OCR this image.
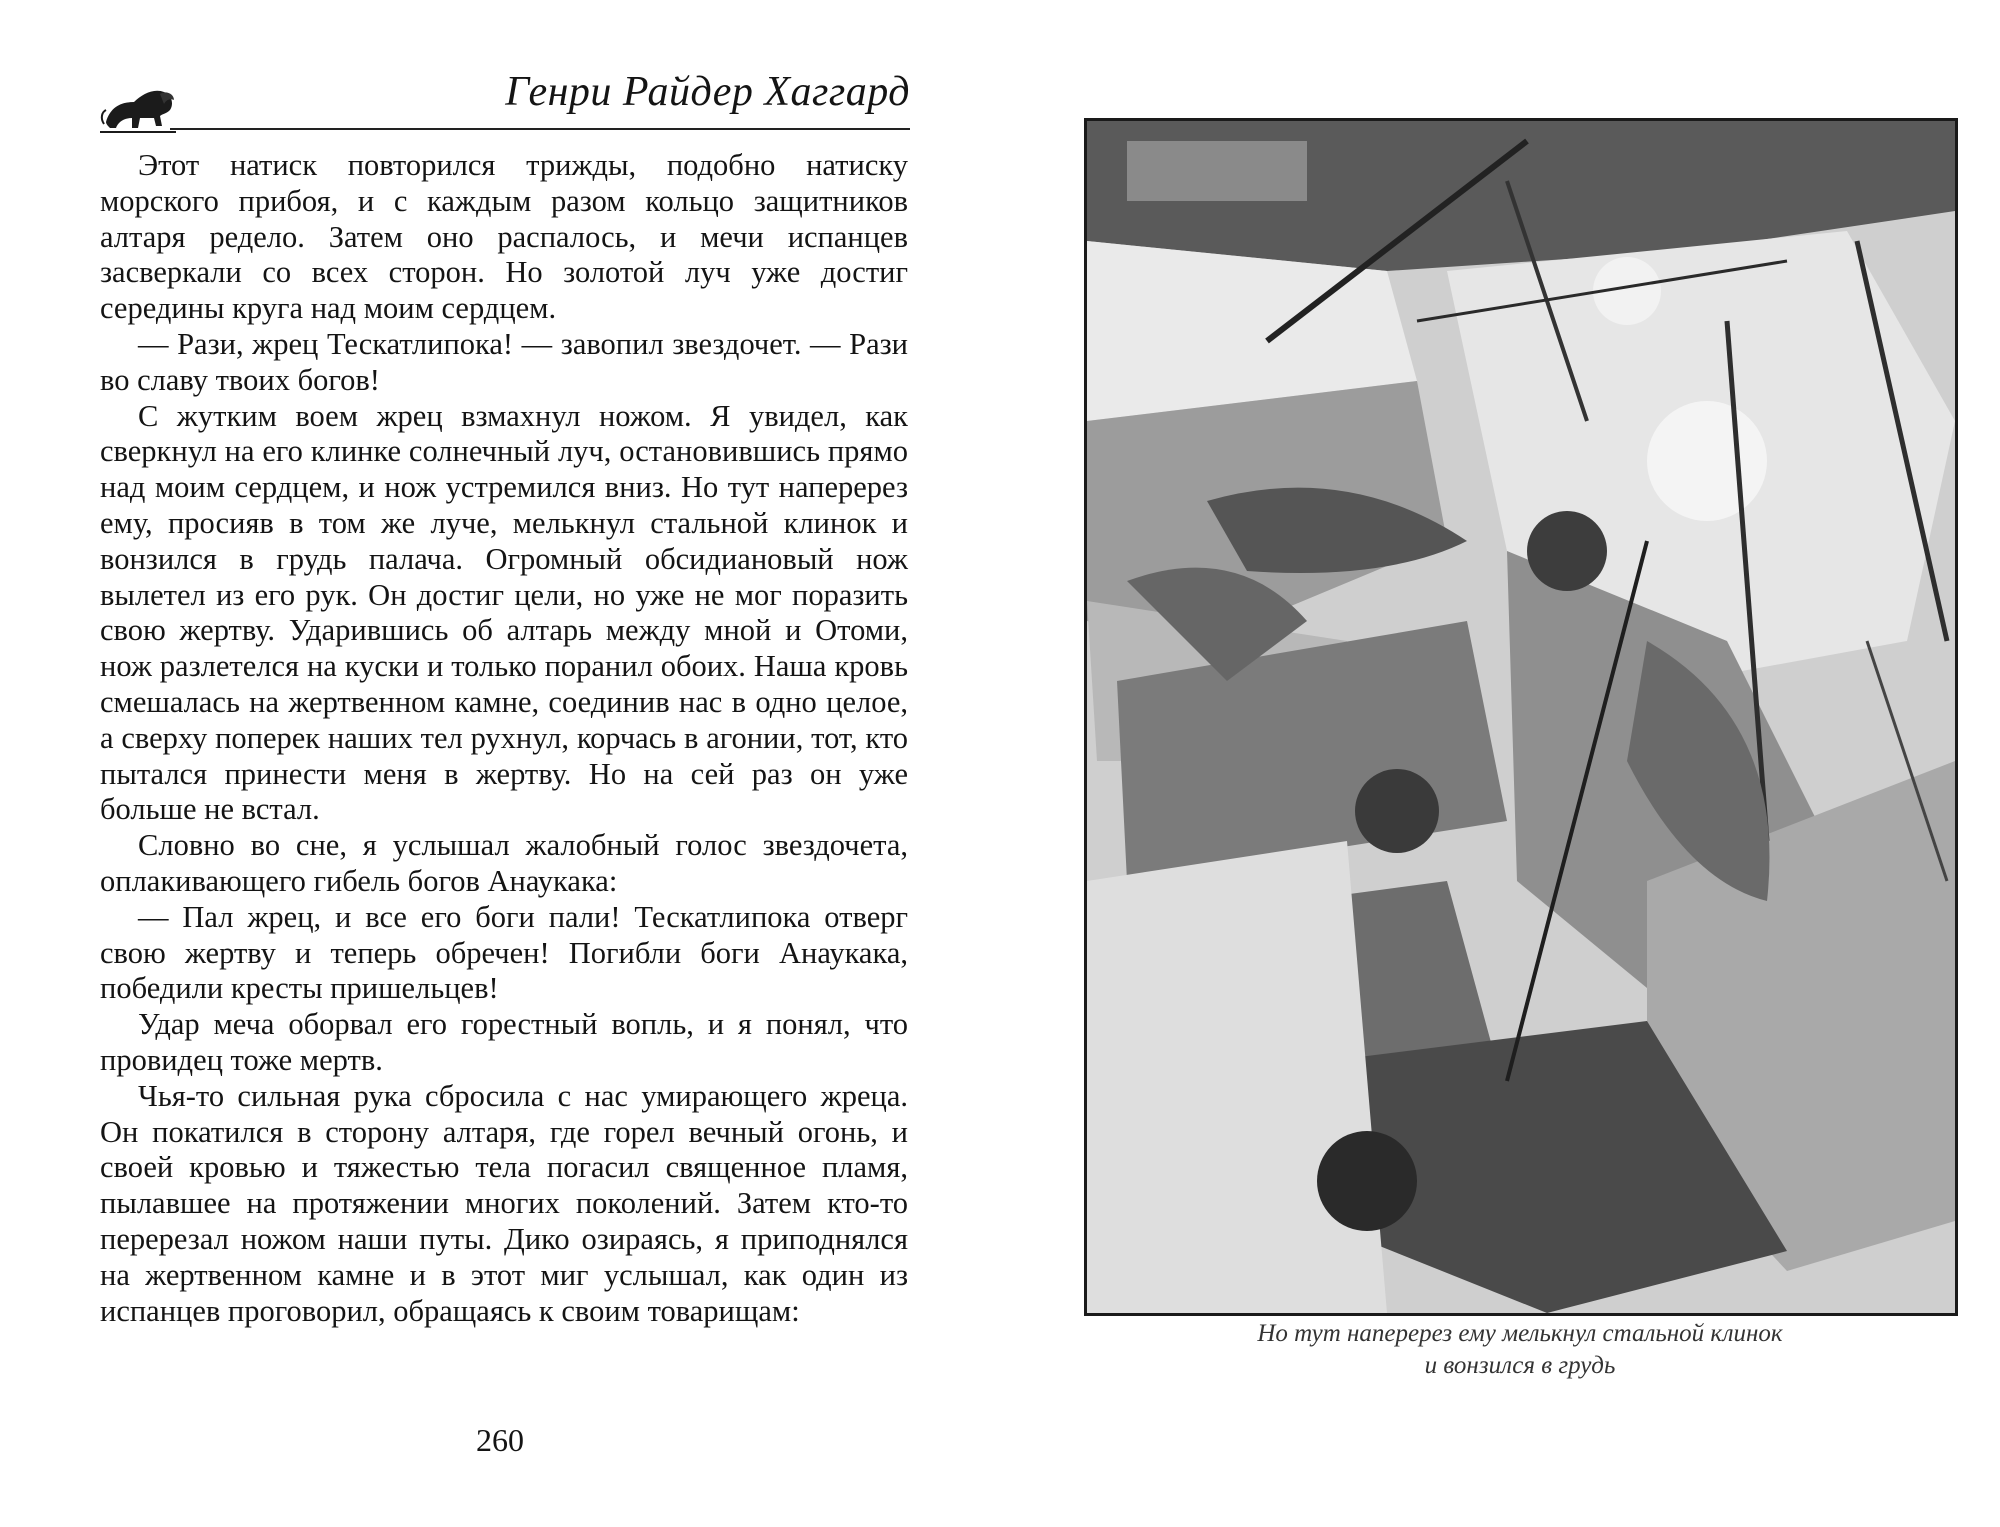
Генри Райдер Хаггард

Этот натиск повторился трижды, подобно натиску морского прибоя, и с каждым разом кольцо защитников алтаря редело. Затем оно распалось, и мечи испанцев засверкали со всех сторон. Но золотой луч уже достиг середины круга над моим сердцем.

— Рази, жрец Тескатлипока! — завопил звездочет. — Рази во славу твоих богов!

С жутким воем жрец взмахнул ножом. Я увидел, как сверкнул на его клинке солнечный луч, остановившись прямо над моим сердцем, и нож устремился вниз. Но тут наперерез ему, просияв в том же луче, мелькнул стальной клинок и вонзился в грудь палача. Огромный обсидиановый нож вылетел из его рук. Он достиг цели, но уже не мог поразить свою жертву. Ударившись об алтарь между мной и Отоми, нож разлетелся на куски и только поранил обоих. Наша кровь смешалась на жертвенном камне, соединив нас в одно целое, а сверху поперек наших тел рухнул, корчась в агонии, тот, кто пытался принести меня в жертву. Но на сей раз он уже больше не встал.

Словно во сне, я услышал жалобный голос звездочета, оплакивающего гибель богов Анаукака:

— Пал жрец, и все его боги пали! Тескатлипока отверг свою жертву и теперь обречен! Погибли боги Анаукака, победили кресты пришельцев!

Удар меча оборвал его горестный вопль, и я понял, что провидец тоже мертв.

Чья-то сильная рука сбросила с нас умирающего жреца. Он покатился в сторону алтаря, где горел вечный огонь, и своей кровью и тяжестью тела погасил священное пламя, пылавшее на протяжении многих поколений. Затем кто-то перерезал ножом наши путы. Дико озираясь, я приподнялся на жертвенном камне и в этот миг услышал, как один из испанцев проговорил, обращаясь к своим товарищам:

260
Но тут наперерез ему мелькнул стальной клинок
и вонзился в грудь
